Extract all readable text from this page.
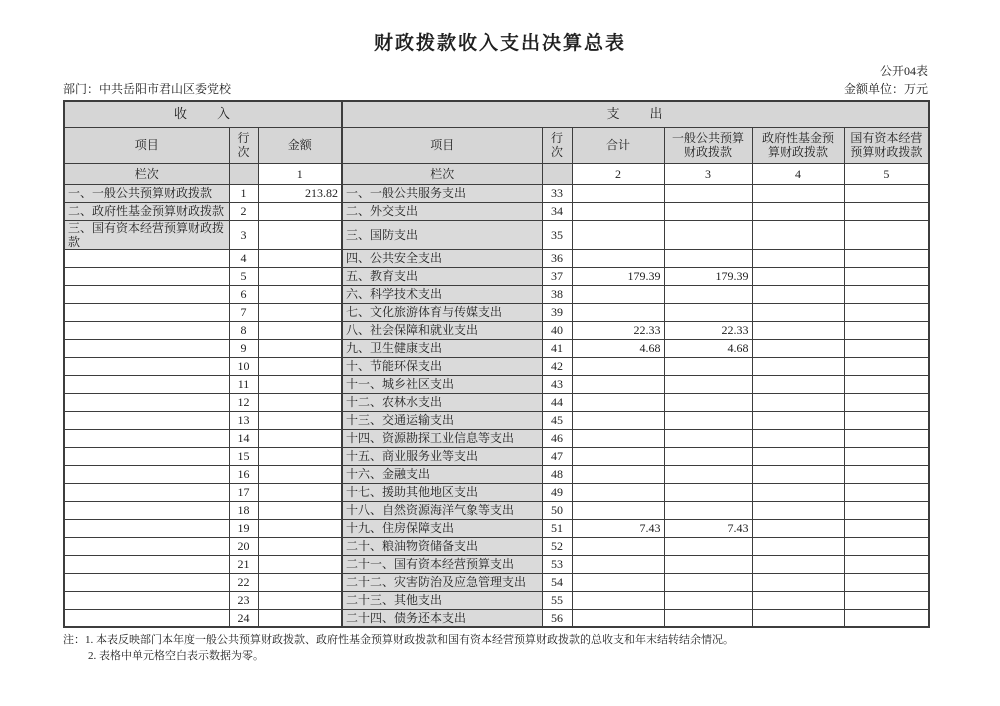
财政拨款收入支出决算总表
公开04表
部门：中共岳阳市君山区委党校	金额单位：万元
收入			支出					
项目	行次	金额	项目	行次	合计	一般公共预算财政拨款	政府性基金预算财政拨款	国有资本经营预算财政拨款
栏次		1	栏次		2	3	4	5
一、一般公共预算财政拨款	1	213.82	一、一般公共服务支出	33				
二、政府性基金预算财政拨款	2		二、外交支出	34				
三、国有资本经营预算财政拨款	3		三、国防支出	35				
	4		四、公共安全支出	36				
	5		五、教育支出	37	179.39	179.39		
	6		六、科学技术支出	38				
	7		七、文化旅游体育与传媒支出	39				
	8		八、社会保障和就业支出	40	22.33	22.33		
	9		九、卫生健康支出	41	4.68	4.68		
	10		十、节能环保支出	42				
	11		十一、城乡社区支出	43				
	12		十二、农林水支出	44				
	13		十三、交通运输支出	45				
	14		十四、资源勘探工业信息等支出	46				
	15		十五、商业服务业等支出	47				
	16		十六、金融支出	48				
	17		十七、援助其他地区支出	49				
	18		十八、自然资源海洋气象等支出	50				
	19		十九、住房保障支出	51	7.43	7.43		
	20		二十、粮油物资储备支出	52				
	21		二十一、国有资本经营预算支出	53				
	22		二十二、灾害防治及应急管理支出	54				
	23		二十三、其他支出	55				
	24		二十四、债务还本支出	56				
注：1. 本表反映部门本年度一般公共预算财政拨款、政府性基金预算财政拨款和国有资本经营预算财政拨款的总收支和年末结转结余情况。
2. 表格中单元格空白表示数据为零。
